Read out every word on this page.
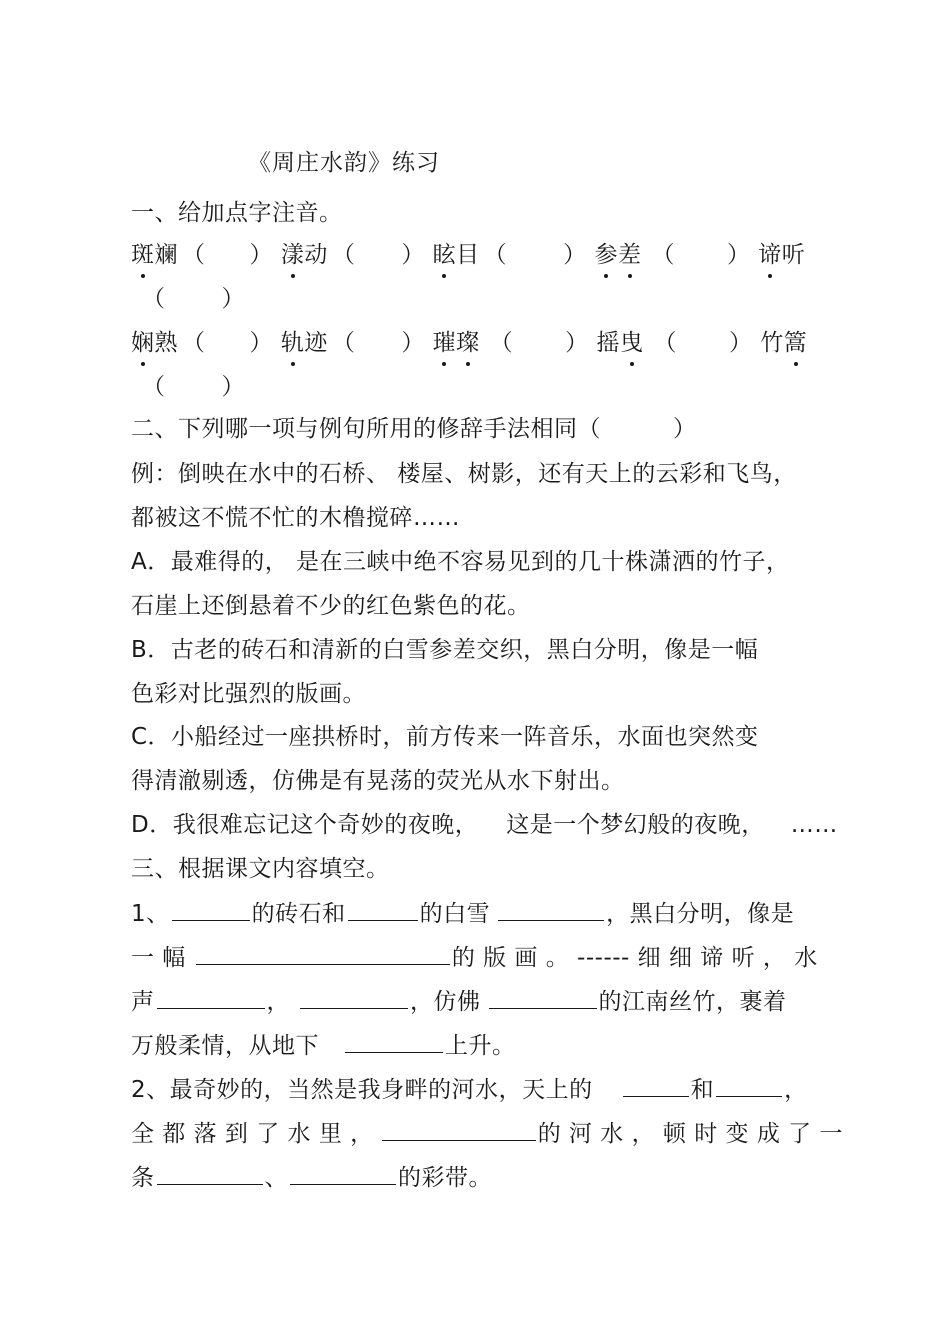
《周庄水韵》练习
一、给加点字注音。
斑斓 （ ） 漾动 （ ） 眩目 （ ） 参差 （ ） 谛听
（ ）
娴熟 （ ） 轨迹 （ ） 璀璨 （ ） 摇曳 （ ） 竹篙
（ ）
二、下列哪一项与例句所用的修辞手法相同（	）
例：倒映在水中的石桥、 楼屋、树影，还有天上的云彩和飞鸟，
都被这不慌不忙的木橹搅碎……
A．最难得的， 是在三峡中绝不容易见到的几十株潇洒的竹子，
石崖上还倒悬着不少的红色紫色的花。
B．古老的砖石和清新的白雪参差交织，黑白分明，像是一幅
色彩对比强烈的版画。
C．小船经过一座拱桥时，前方传来一阵音乐，水面也突然变
得清澈剔透，仿佛是有晃荡的荧光从水下射出。
D．我很难忘记这个奇妙的夜晚， 这是一个梦幻般的夜晚， ……
三、根据课文内容填空。
1、	的砖石和	的白雪	，黑白分明，像是
一 幅	的 版 画 。 ------ 细 细 谛 听 ， 水
声	，	，仿佛	的江南丝竹，裹着
万般柔情，从地下	上升。
2、最奇妙的，当然是我身畔的河水，天上的	和	，
全 都 落 到 了 水 里 ，	的 河 水 ， 顿 时 变 成 了 一
条	、	的彩带。
